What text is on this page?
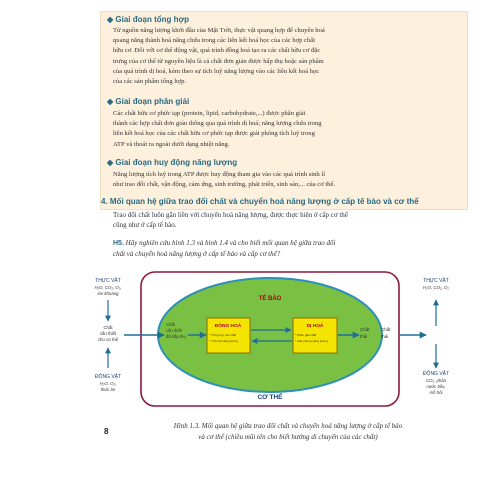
◆ Giai đoạn tổng hợp
Từ nguồn năng lượng khởi đầu của Mặt Trời, thực vật quang hợp để chuyển hoá
quang năng thành hoá năng chứa trong các liên kết hoá học của các hợp chất
hữu cơ. Đối với cơ thể động vật, quá trình đồng hoá tạo ra các chất hữu cơ đặc
trưng của cơ thể từ nguyên liệu là cá chất đơn giản được hấp thụ hoặc sản phẩm
của quá trình dị hoá, kèm theo sự tích luỹ năng lượng vào các liên kết hoá học
của các sản phẩm tổng hợp.
◆ Giai đoạn phân giải
Các chất hữu cơ phức tạp (protein, lipid, carbohydrate,...) được phân giải
thành các hợp chất đơn giản thông qua quá trình dị hoá; năng lượng chứa trong
liên kết hoá học của các chất hữu cơ phức tạp được giải phóng tích luỹ trong
ATP và thoát ra ngoài dưới dạng nhiệt năng.
◆ Giai đoạn huy động năng lượng
Năng lượng tích luỹ trong ATP được huy động tham gia vào các quá trình sinh lí
như trao đổi chất, vận động, cảm ứng, sinh trưởng, phát triển, sinh sản,... của cơ thể.
4. Mối quan hệ giữa trao đổi chất và chuyển hoá năng lượng ở cấp tế bào và cơ thể
Trao đổi chất luôn gắn liền với chuyển hoá năng lượng, được thực hiện ở cấp cơ thể
cũng như ở cấp tế bào.
H5. Hãy nghiên cứu hình 1.3 và hình 1.4 và cho biết mối quan hệ giữa trao đổi
chất và chuyển hoá năng lượng ở cấp tế bào và cấp cơ thể?
TẾ BÀO
CƠ THỂ
ĐỒNG HOÁ
* Tổng hợp các chất
* Tích luỹ năng lượng
DỊ HOÁ
* Phân giải chất
* Giải phóng năng lượng
Chất
cần thiết
đã hấp thụ
Chất
thải
THỰC VẬT
H₂O, CO₂, O₂,
ion khoáng
Chất
cần thiết
cho cơ thể
ĐỘNG VẬT
H₂O, O₂,
thức ăn
Chất
thải
THỰC VẬT
H₂O, CO₂, O₂
ĐỘNG VẬT
CO₂, phân
nước tiểu,
mồ hôi
Hình 1.3. Mối quan hệ giữa trao đổi chất và chuyển hoá năng lượng ở cấp tế bào
và cơ thể (chiều mũi tên cho biết hướng di chuyển của các chất)
8
